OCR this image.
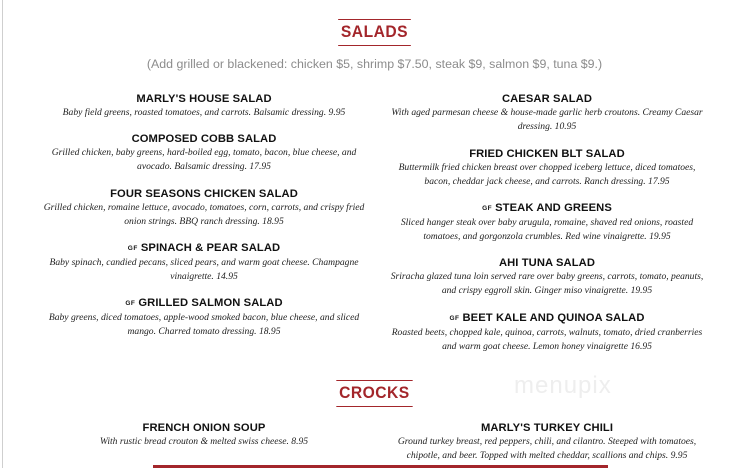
SALADS
(Add grilled or blackened: chicken $5, shrimp $7.50, steak $9, salmon $9, tuna $9.)
MARLY'S HOUSE SALAD
Baby field greens, roasted tomatoes, and carrots. Balsamic dressing. 9.95
COMPOSED COBB SALAD
Grilled chicken, baby greens, hard-boiled egg, tomato, bacon, blue cheese, and avocado. Balsamic dressing. 17.95
FOUR SEASONS CHICKEN SALAD
Grilled chicken, romaine lettuce, avocado, tomatoes, corn, carrots, and crispy fried onion strings. BBQ ranch dressing. 18.95
GF SPINACH & PEAR SALAD
Baby spinach, candied pecans, sliced pears, and warm goat cheese. Champagne vinaigrette. 14.95
GF GRILLED SALMON SALAD
Baby greens, diced tomatoes, apple-wood smoked bacon, blue cheese, and sliced mango. Charred tomato dressing. 18.95
CAESAR SALAD
With aged parmesan cheese & house-made garlic herb croutons. Creamy Caesar dressing. 10.95
FRIED CHICKEN BLT SALAD
Buttermilk fried chicken breast over chopped iceberg lettuce, diced tomatoes, bacon, cheddar jack cheese, and carrots. Ranch dressing. 17.95
GF STEAK AND GREENS
Sliced hanger steak over baby arugula, romaine, shaved red onions, roasted tomatoes, and gorgonzola crumbles. Red wine vinaigrette. 19.95
AHI TUNA SALAD
Sriracha glazed tuna loin served rare over baby greens, carrots, tomato, peanuts, and crispy eggroll skin. Ginger miso vinaigrette. 19.95
GF BEET KALE AND QUINOA SALAD
Roasted beets, chopped kale, quinoa, carrots, walnuts, tomato, dried cranberries and warm goat cheese. Lemon honey vinaigrette 16.95
menupix
CROCKS
FRENCH ONION SOUP
With rustic bread crouton & melted swiss cheese. 8.95
MARLY'S TURKEY CHILI
Ground turkey breast, red peppers, chili, and cilantro. Steeped with tomatoes, chipotle, and beer. Topped with melted cheddar, scallions and chips. 9.95
